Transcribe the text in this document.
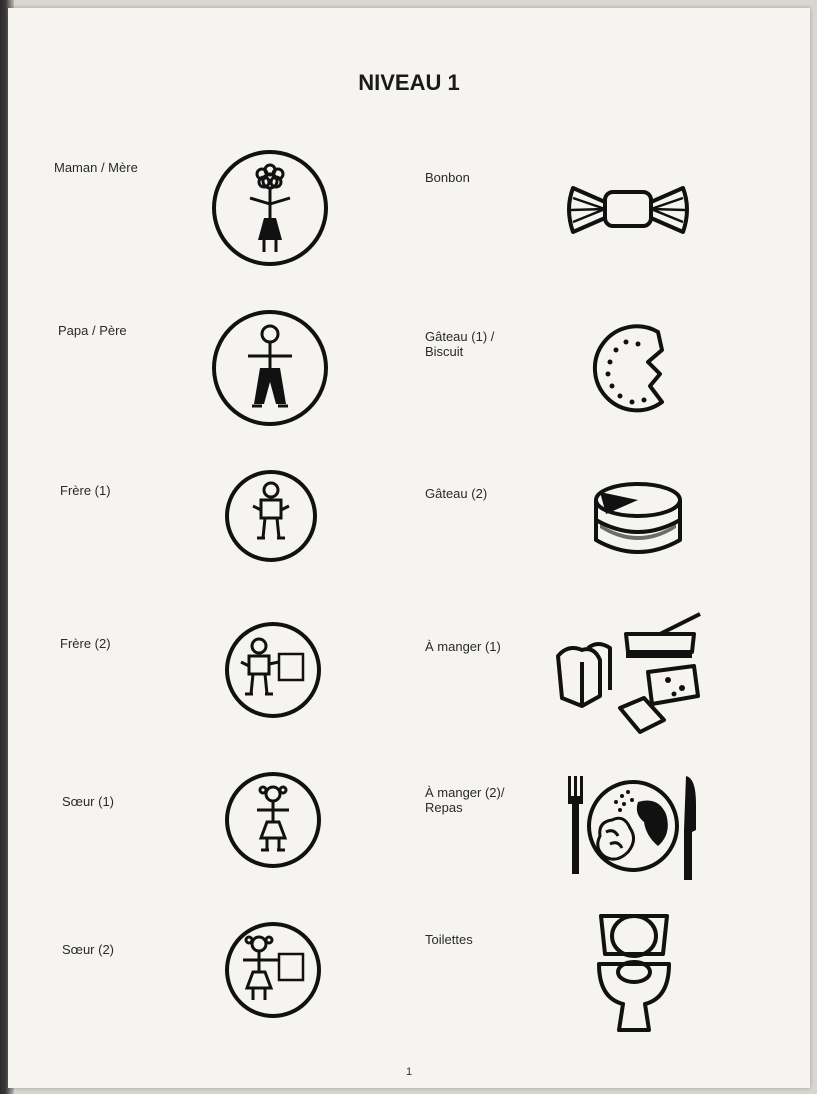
NIVEAU 1
Maman / Mère
Papa / Père
Frère (1)
Frère (2)
Sœur (1)
Sœur (2)
Bonbon
Gâteau (1) /
Biscuit
Gâteau (2)
À manger (1)
À manger (2)/
Repas
Toilettes
1
